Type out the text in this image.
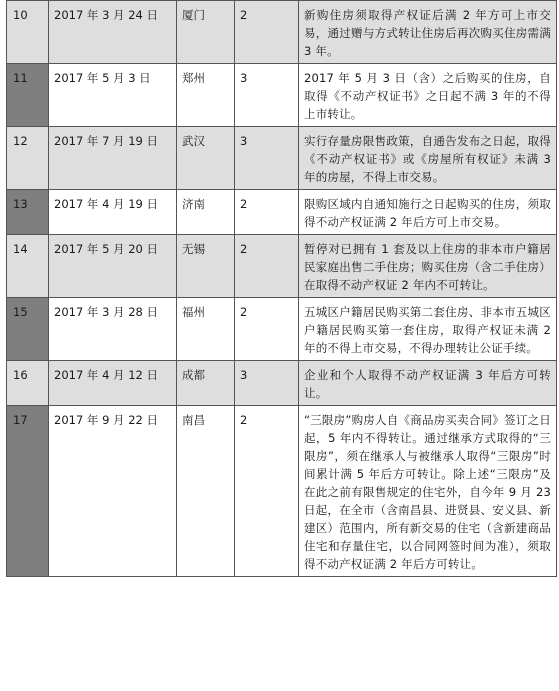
10	2017 年 3 月 24 日	厦门	2	新购住房须取得产权证后满 2 年方可上市交易，通过赠与方式转让住房后再次购买住房需满 3 年。
11	2017 年 5 月 3 日	郑州	3	2017 年 5 月 3 日（含）之后购买的住房，自取得《不动产权证书》之日起不满 3 年的不得上市转让。
12	2017 年 7 月 19 日	武汉	3	实行存量房限售政策，自通告发布之日起，取得《不动产权证书》或《房屋所有权证》未满 3 年的房屋，不得上市交易。
13	2017 年 4 月 19 日	济南	2	限购区域内自通知施行之日起购买的住房，须取得不动产权证满 2 年后方可上市交易。
14	2017 年 5 月 20 日	无锡	2	暂停对已拥有 1 套及以上住房的非本市户籍居民家庭出售二手住房；购买住房（含二手住房）在取得不动产权证 2 年内不可转让。
15	2017 年 3 月 28 日	福州	2	五城区户籍居民购买第二套住房、非本市五城区户籍居民购买第一套住房，取得产权证未满 2 年的不得上市交易，不得办理转让公证手续。
16	2017 年 4 月 12 日	成都	3	企业和个人取得不动产权证满 3 年后方可转让。
17	2017 年 9 月 22 日	南昌	2	“三限房”购房人自《商品房买卖合同》签订之日起，5 年内不得转让。通过继承方式取得的“三限房”，须在继承人与被继承人取得“三限房”时间累计满 5 年后方可转让。除上述“三限房”及在此之前有限售规定的住宅外，自今年 9 月 23 日起，在全市（含南昌县、进贤县、安义县、新建区）范围内，所有新交易的住宅（含新建商品住宅和存量住宅，以合同网签时间为准），须取得不动产权证满 2 年后方可转让。
